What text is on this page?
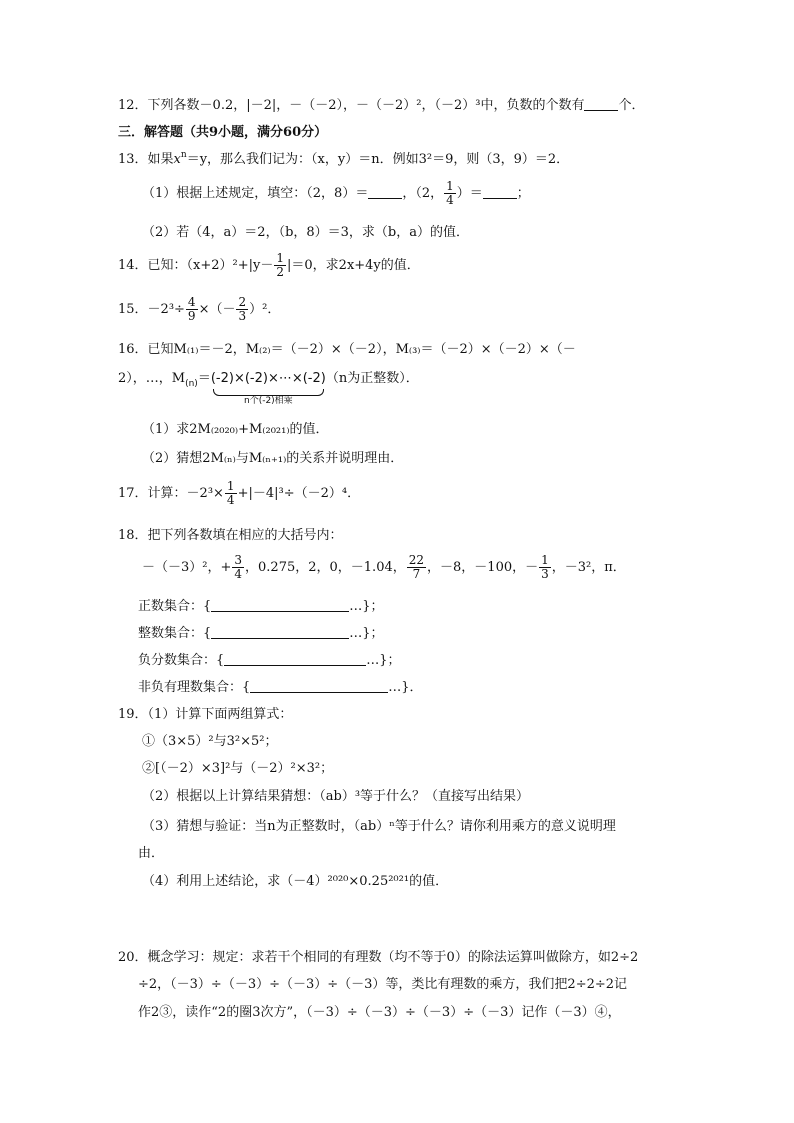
12．下列各数－0.2，|－2|，－（－2），－（－2）²，（－2）³中，负数的个数有	个．
三．解答题（共9小题，满分60分）
13．如果$x^n=y$，那么我们记为：（x，y）＝n．例如3²＝9，则（3，9）＝2．
（1）根据上述规定，填空：（2，8）＝	，（2， $\frac{1}{4}$ ）＝	；
（2）若（4，a）＝2，（b，8）＝3，求（b，a）的值．
14．已知：$(x+2)^2+|y- \frac{1}{2} |=0$，求2x+4y的值．
15．$-2^3\div \frac{4}{9}$ ×（－ $\frac{2}{3} )^2$．
16．已知M₍₁₎＝－2，M₍₂₎＝（－2）×（－2），M₍₃₎＝（－2）×（－2）×（－
2），…，$M_{(n)}=(-2)\times(-2)\times\cdots\times(-2)$
n个(-2)相乘
（n为正整数）．
（1）求2M₍₂₀₂₀₎+M₍₂₀₂₁₎的值．
（2）猜想2M₍ₙ₎与M₍ₙ₊₁₎的关系并说明理由．
17．计算：$-2^3\times \frac{1}{4} +|-4|^3\div(-2)^4$．
18．把下列各数填在相应的大括号内：
－（－3）²，+ $\frac{3}{4}$ ，0.275，2，0，－1.04， $\frac{22}{7}$ ，－8，－100，－ $\frac{1}{3}$ ，－3²，π．
正数集合：{	…}；
整数集合：{	…}；
负分数集合：{	…}；
非负有理数集合：{	…}．
19．（1）计算下面两组算式：
①（3×5）²与3²×5²；
②[（－2）×3]²与（－2）²×3²；
（2）根据以上计算结果猜想：（ab）³等于什么？（直接写出结果）
（3）猜想与验证：当n为正整数时，（ab）ⁿ等于什么？请你利用乘方的意义说明理
由．
（4）利用上述结论，求（－4）²⁰²⁰×0.25²⁰²¹的值．
20．概念学习：规定：求若干个相同的有理数（均不等于0）的除法运算叫做除方，如2÷2
÷2，（－3）÷（－3）÷（－3）÷（－3）等，类比有理数的乘方，我们把2÷2÷2记
作2③，读作“2的圈3次方”，（－3）÷（－3）÷（－3）÷（－3）记作（－3）④，
